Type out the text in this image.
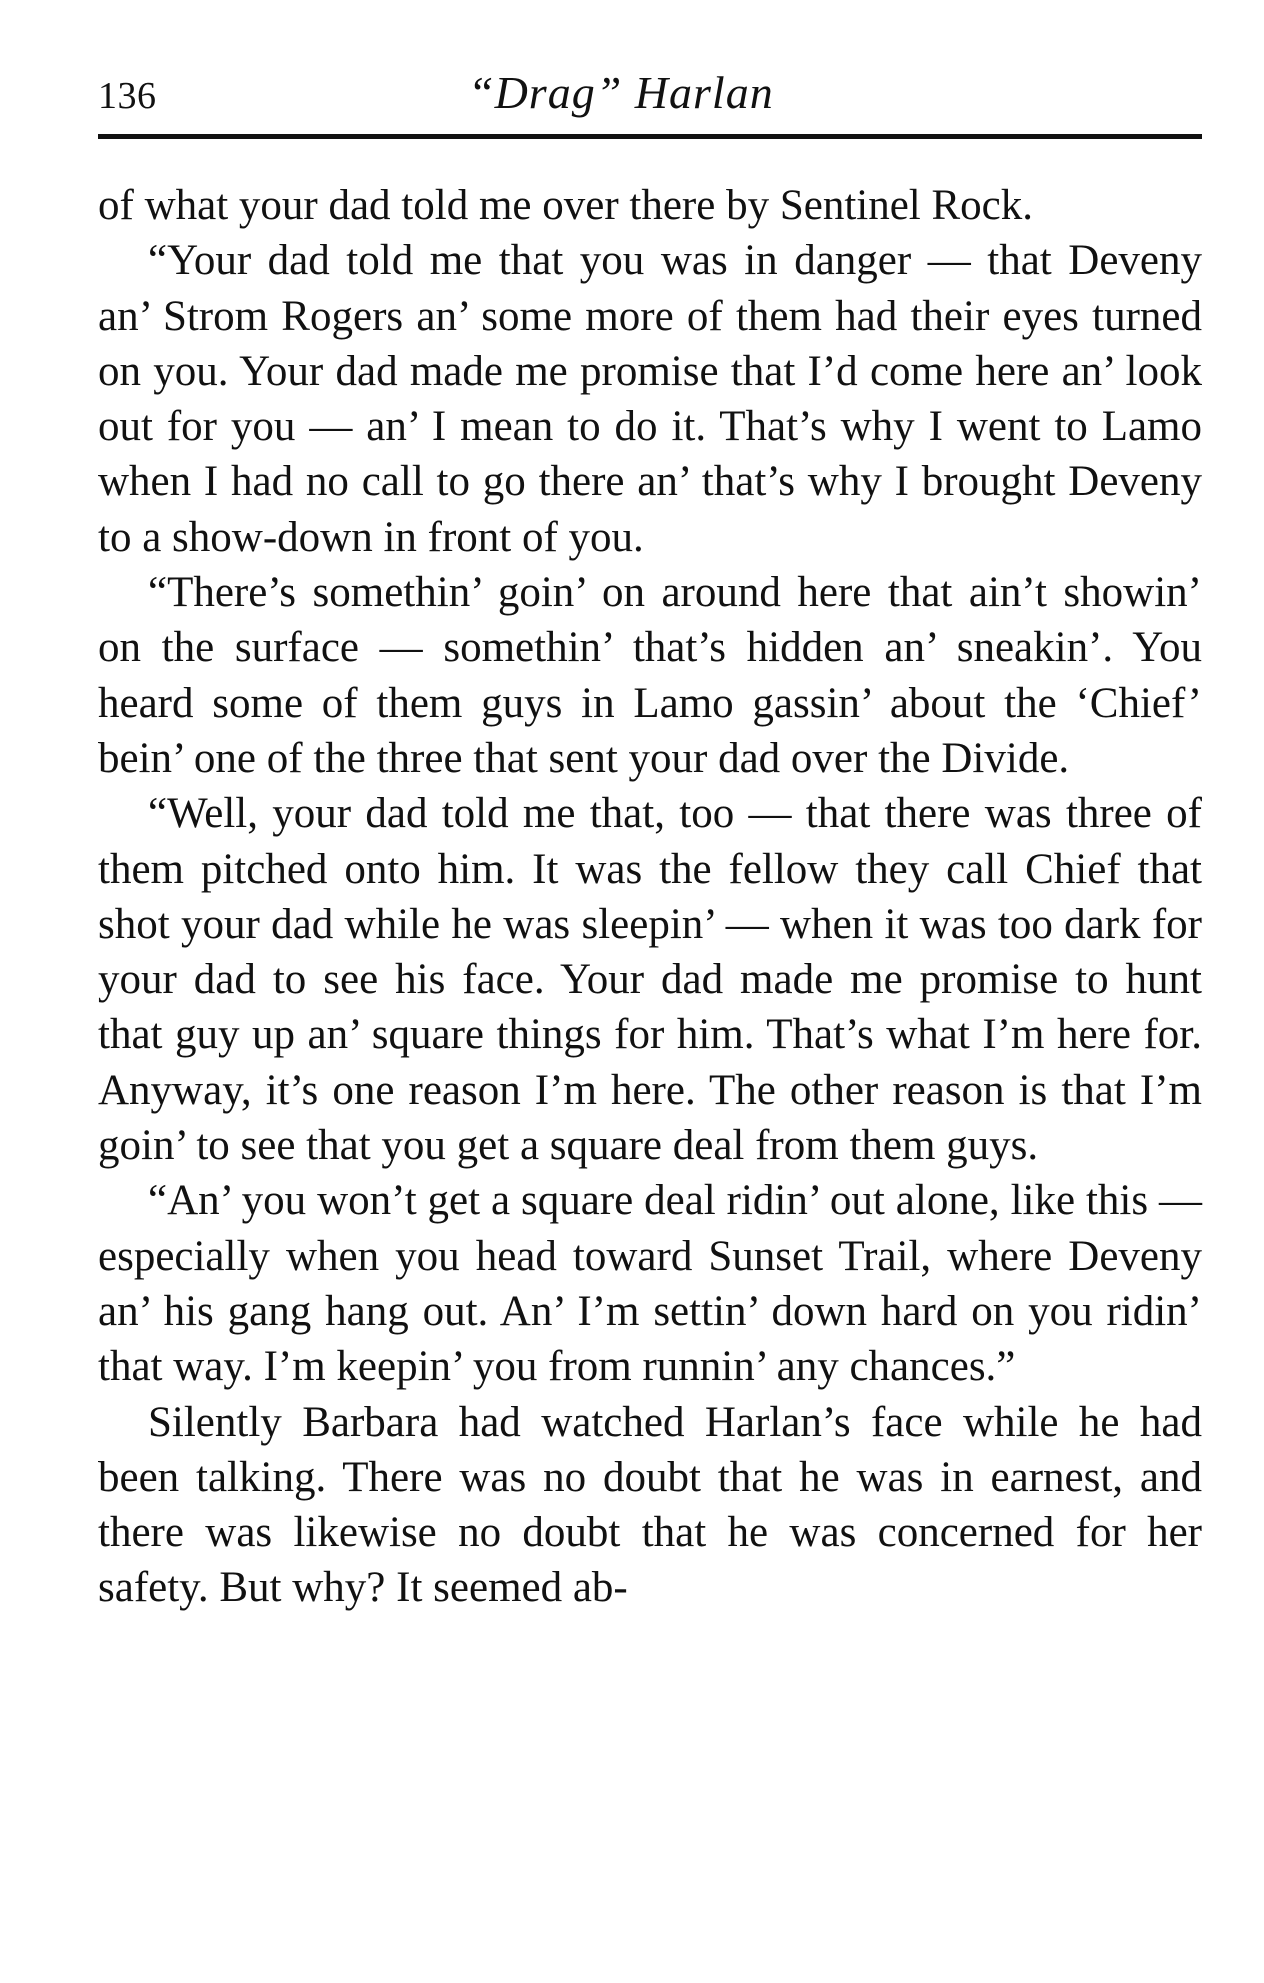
136	“Drag” Harlan

of what your dad told me over there by Sentinel Rock.

“Your dad told me that you was in danger — that Deveny an’ Strom Rogers an’ some more of them had their eyes turned on you. Your dad made me promise that I’d come here an’ look out for you — an’ I mean to do it. That’s why I went to Lamo when I had no call to go there an’ that’s why I brought Deveny to a show-down in front of you.

“There’s somethin’ goin’ on around here that ain’t showin’ on the surface — somethin’ that’s hidden an’ sneakin’. You heard some of them guys in Lamo gassin’ about the ‘Chief’ bein’ one of the three that sent your dad over the Divide.

“Well, your dad told me that, too — that there was three of them pitched onto him. It was the fellow they call Chief that shot your dad while he was sleepin’ — when it was too dark for your dad to see his face. Your dad made me promise to hunt that guy up an’ square things for him. That’s what I’m here for. Anyway, it’s one reason I’m here. The other reason is that I’m goin’ to see that you get a square deal from them guys.

“An’ you won’t get a square deal ridin’ out alone, like this — especially when you head toward Sunset Trail, where Deveny an’ his gang hang out. An’ I’m settin’ down hard on you ridin’ that way. I’m keepin’ you from runnin’ any chances.”

Silently Barbara had watched Harlan’s face while he had been talking. There was no doubt that he was in earnest, and there was likewise no doubt that he was concerned for her safety. But why? It seemed ab-
